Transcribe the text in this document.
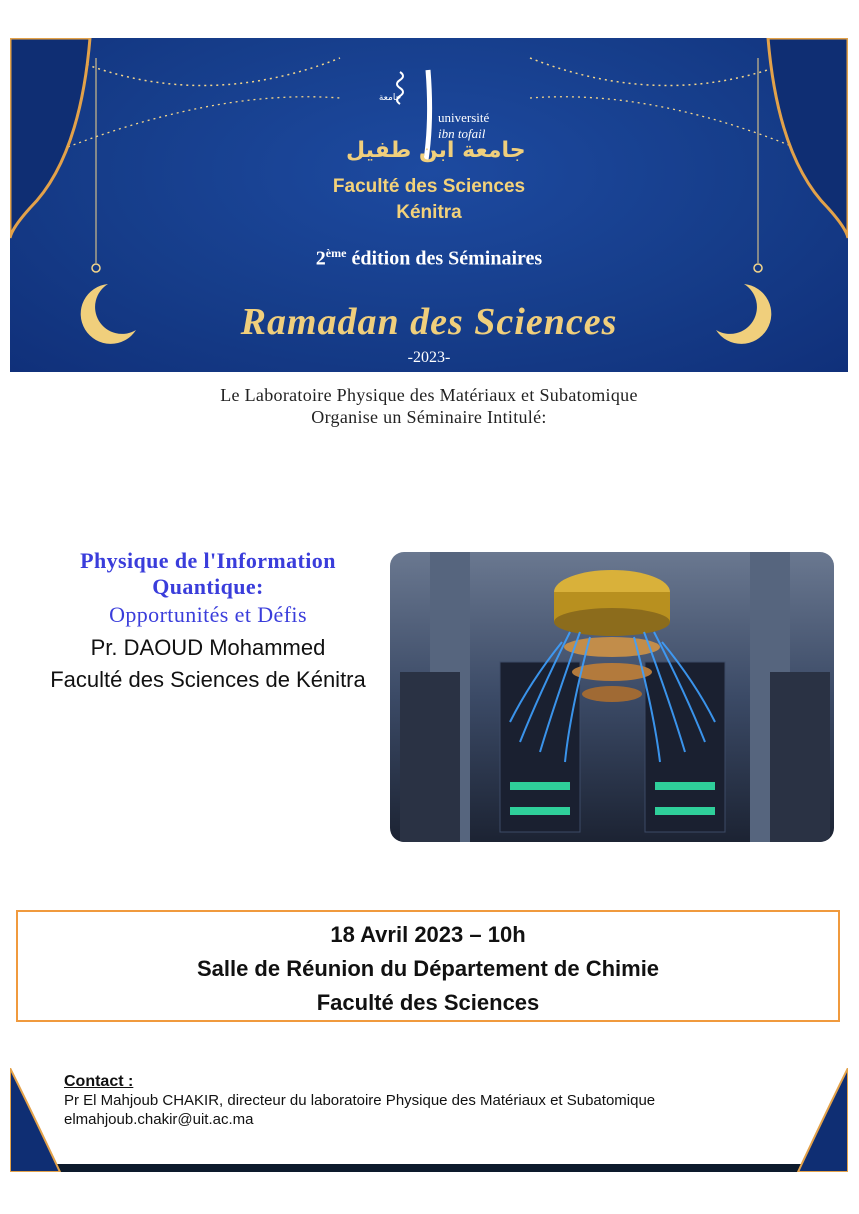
جامعة
جامعة ابن طفيل
université
ibn tofail
Faculté des Sciences
Kénitra
2ème édition des Séminaires
Ramadan des Sciences
-2023-
Le Laboratoire Physique des Matériaux et Subatomique
Organise un Séminaire Intitulé:
Physique de l'Information
Quantique:
Opportunités et Défis
Pr. DAOUD Mohammed
Faculté des Sciences de Kénitra
18 Avril 2023 – 10h
Salle de Réunion du Département de Chimie
Faculté des Sciences
Contact :
Pr El Mahjoub CHAKIR, directeur du laboratoire Physique des Matériaux et Subatomique
elmahjoub.chakir@uit.ac.ma
